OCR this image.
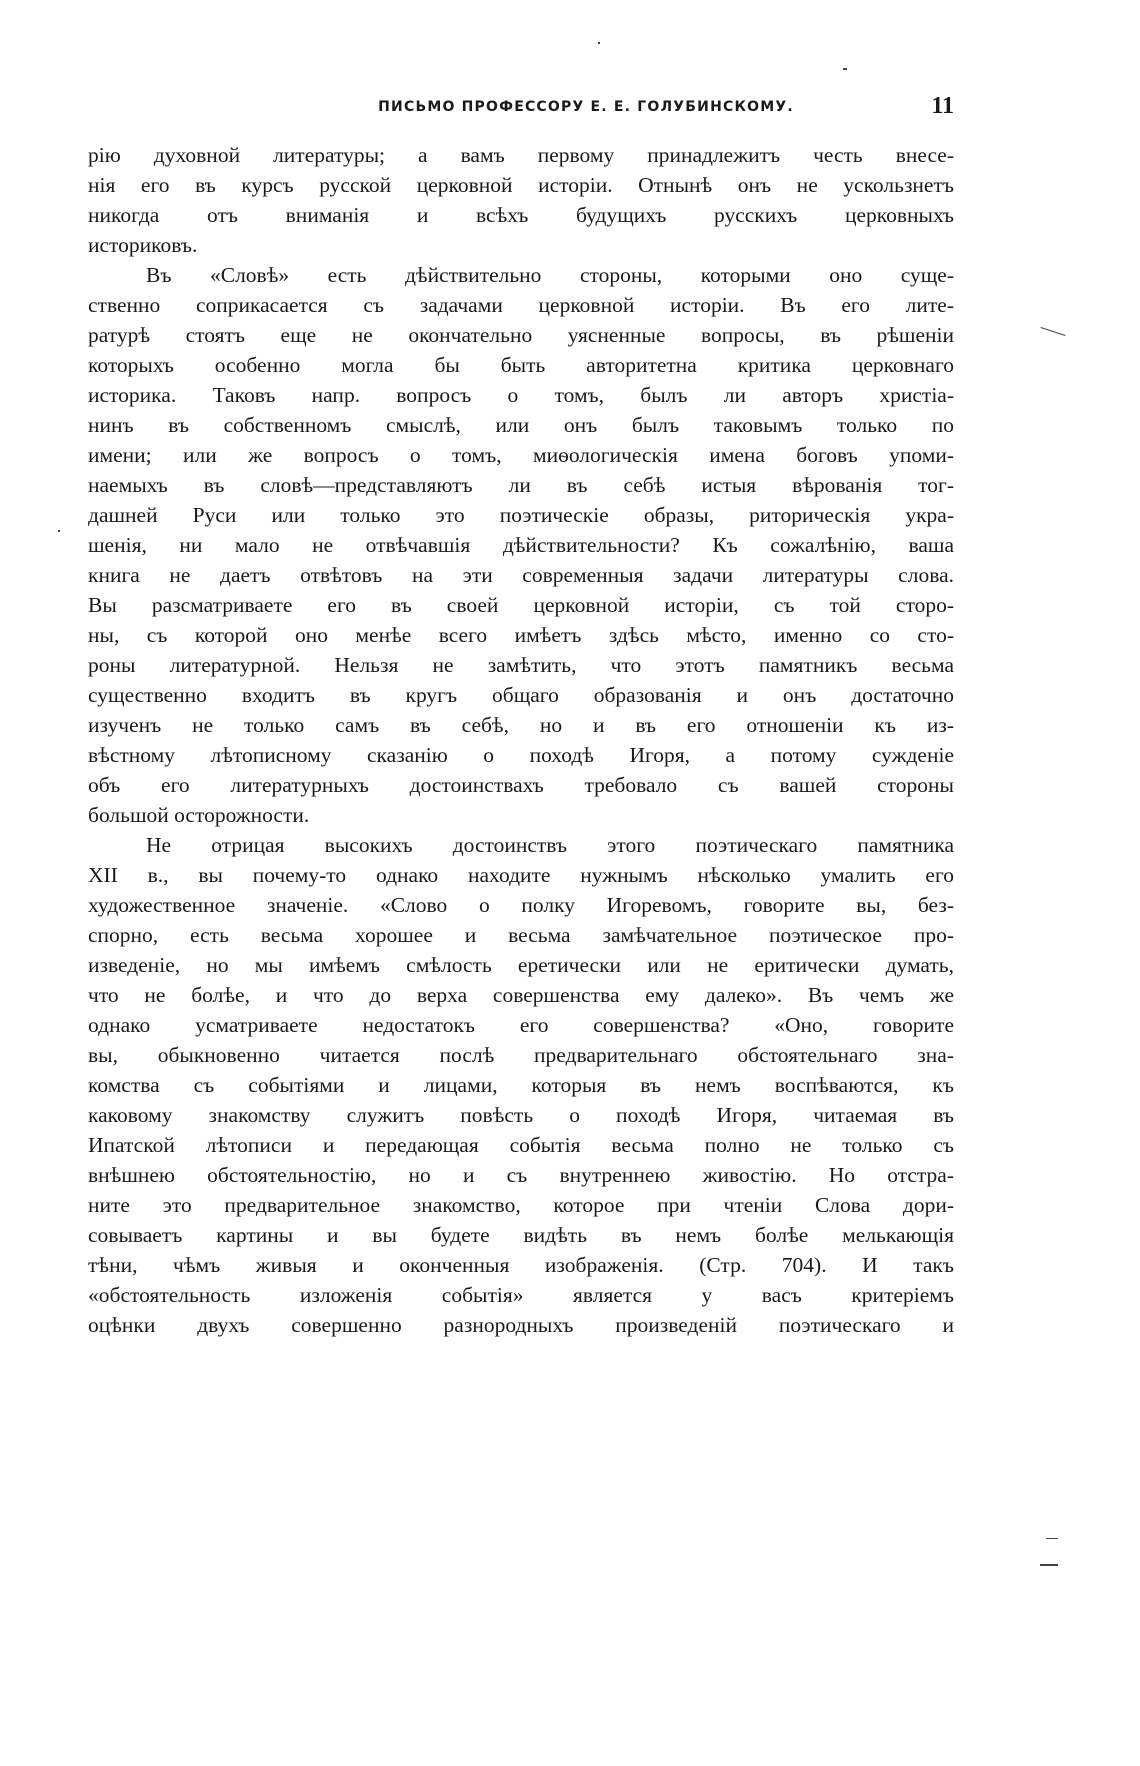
ПИСЬМО ПРОФЕССОРУ Е. Е. ГОЛУБИНСКОМУ.	11
рію духовной литературы; а вамъ первому принадлежитъ честь внесе-
нія его въ курсъ русской церковной исторіи. Отнынѣ онъ не ускользнетъ
никогда отъ вниманія и всѣхъ будущихъ русскихъ церковныхъ
историковъ.
Въ «Словѣ» есть дѣйствительно стороны, которыми оно суще-
ственно соприкасается съ задачами церковной исторіи. Въ его лите-
ратурѣ стоятъ еще не окончательно уясненные вопросы, въ рѣшеніи
которыхъ особенно могла бы быть авторитетна критика церковнаго
историка. Таковъ напр. вопросъ о томъ, былъ ли авторъ христіа-
нинъ въ собственномъ смыслѣ, или онъ былъ таковымъ только по
имени; или же вопросъ о томъ, миѳологическія имена боговъ упоми-
наемыхъ въ словѣ—представляютъ ли въ себѣ истыя вѣрованія тог-
дашней Руси или только это поэтическіе образы, риторическія укра-
шенія, ни мало не отвѣчавшія дѣйствительности? Къ сожалѣнію, ваша
книга не даетъ отвѣтовъ на эти современныя задачи литературы слова.
Вы разсматриваете его въ своей церковной исторіи, съ той сторо-
ны, съ которой оно менѣе всего имѣетъ здѣсь мѣсто, именно со сто-
роны литературной. Нельзя не замѣтить, что этотъ памятникъ весьма
существенно входитъ въ кругъ общаго образованія и онъ достаточно
изученъ не только самъ въ себѣ, но и въ его отношеніи къ из-
вѣстному лѣтописному сказанію о походѣ Игоря, а потому сужденіе
объ его литературныхъ достоинствахъ требовало съ вашей стороны
большой осторожности.
Не отрицая высокихъ достоинствъ этого поэтическаго памятника
XII в., вы почему-то однако находите нужнымъ нѣсколько умалить его
художественное значеніе. «Слово о полку Игоревомъ, говорите вы, без-
спорно, есть весьма хорошее и весьма замѣчательное поэтическое про-
изведеніе, но мы имѣемъ смѣлость еретически или не еритически думать,
что не болѣе, и что до верха совершенства ему далеко». Въ чемъ же
однако усматриваете недостатокъ его совершенства? «Оно, говорите
вы, обыкновенно читается послѣ предварительнаго обстоятельнаго зна-
комства съ событіями и лицами, которыя въ немъ воспѣваются, къ
каковому знакомству служитъ повѣсть о походѣ Игоря, читаемая въ
Ипатской лѣтописи и передающая событія весьма полно не только съ
внѣшнею обстоятельностію, но и съ внутреннею живостію. Но отстра-
ните это предварительное знакомство, которое при чтеніи Слова дори-
совываетъ картины и вы будете видѣть въ немъ болѣе мелькающія
тѣни, чѣмъ живыя и оконченныя изображенія. (Стр. 704). И такъ
«обстоятельность изложенія событія» является у васъ критеріемъ
оцѣнки двухъ совершенно разнородныхъ произведеній поэтическаго и
